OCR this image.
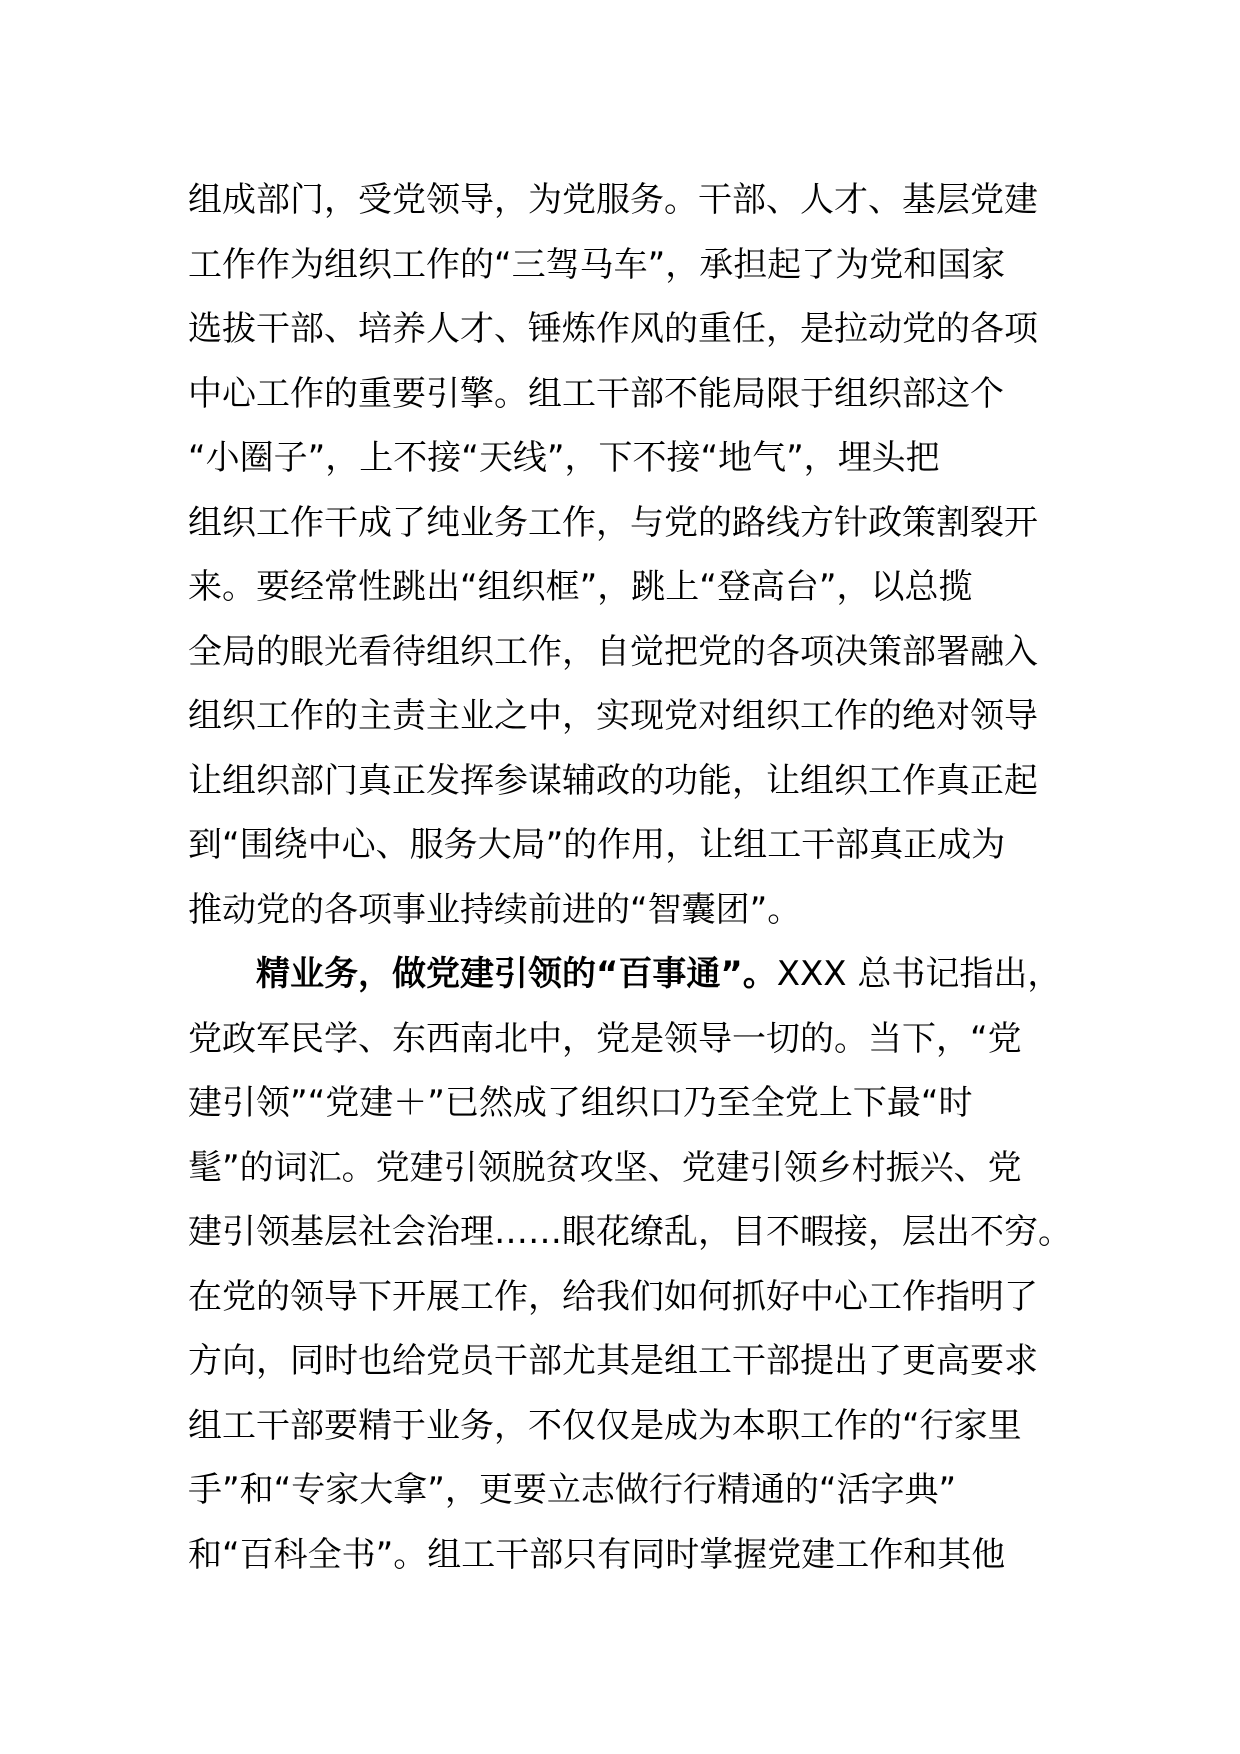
组成部门，受党领导，为党服务。干部、人才、基层党建
工作作为组织工作的“三驾马车”，承担起了为党和国家
选拔干部、培养人才、锤炼作风的重任，是拉动党的各项
中心工作的重要引擎。组工干部不能局限于组织部这个
“小圈子”，上不接“天线”，下不接“地气”，埋头把
组织工作干成了纯业务工作，与党的路线方针政策割裂开
来。要经常性跳出“组织框”，跳上“登高台”，以总揽
全局的眼光看待组织工作，自觉把党的各项决策部署融入
组织工作的主责主业之中，实现党对组织工作的绝对领导
让组织部门真正发挥参谋辅政的功能，让组织工作真正起
到“围绕中心、服务大局”的作用，让组工干部真正成为
推动党的各项事业持续前进的“智囊团”。
精业务，做党建引领的“百事通”。XXX 总书记指出，
党政军民学、东西南北中，党是领导一切的。当下，“党
建引领”“党建＋”已然成了组织口乃至全党上下最“时
髦”的词汇。党建引领脱贫攻坚、党建引领乡村振兴、党
建引领基层社会治理……眼花缭乱，目不暇接，层出不穷。
在党的领导下开展工作，给我们如何抓好中心工作指明了
方向，同时也给党员干部尤其是组工干部提出了更高要求
组工干部要精于业务，不仅仅是成为本职工作的“行家里
手”和“专家大拿”，更要立志做行行精通的“活字典”
和“百科全书”。组工干部只有同时掌握党建工作和其他
